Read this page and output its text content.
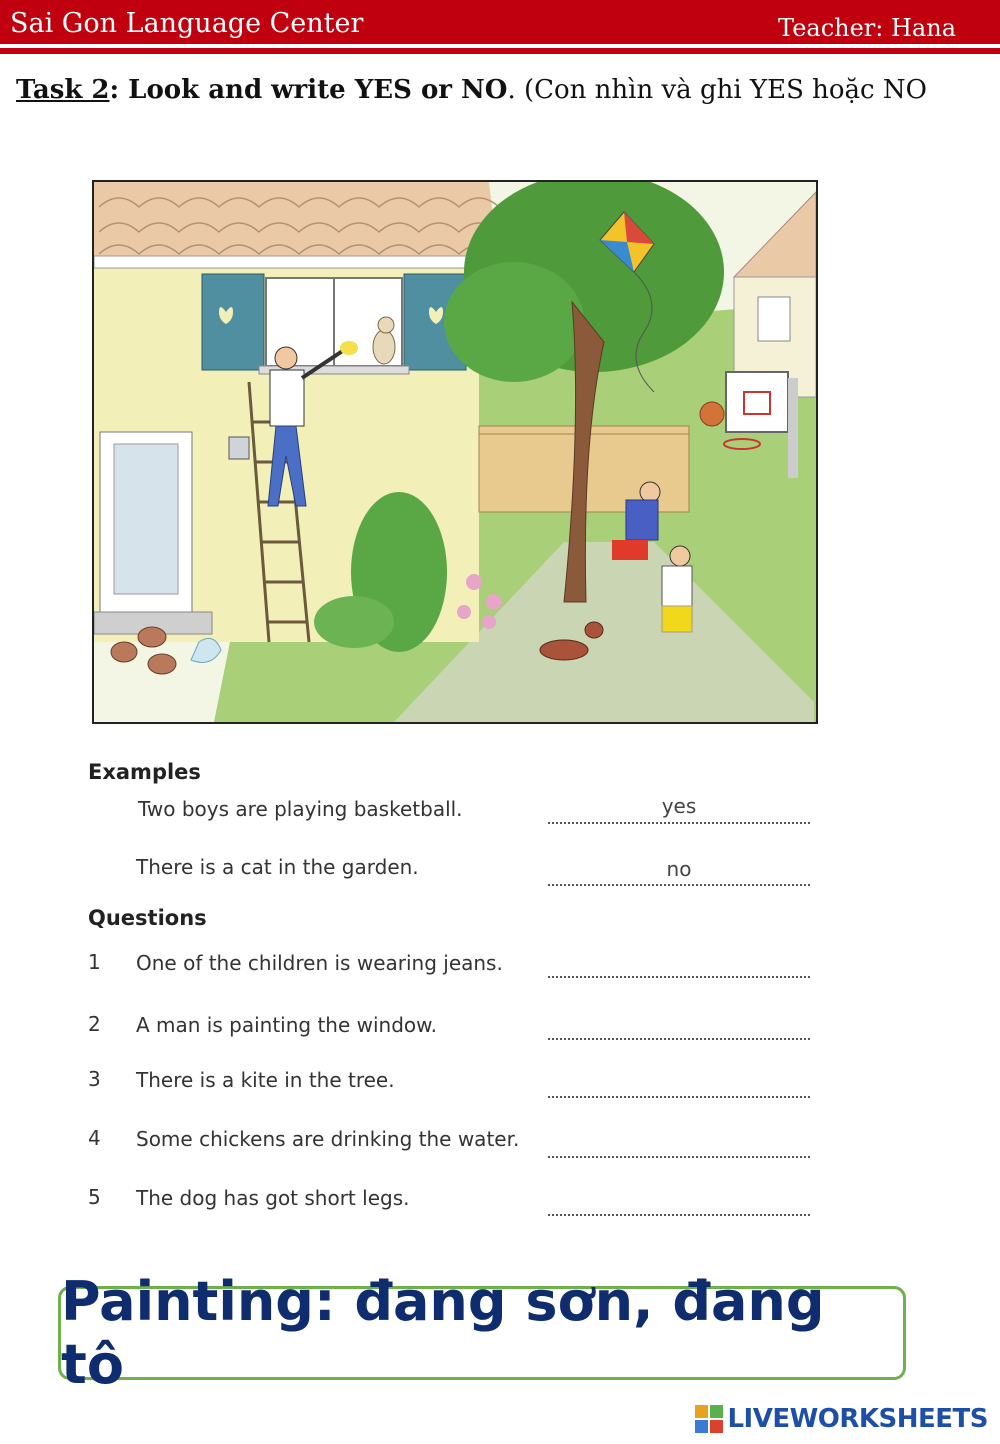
Sai Gon Language Center	Teacher: Hana
Task 2: Look and write YES or NO. (Con nhìn và ghi YES hoặc NO
Examples
Two boys are playing basketball.	yes
There is a cat in the garden.	no
Questions
1 One of the children is wearing jeans.
2 A man is painting the window.
3 There is a kite in the tree.
4 Some chickens are drinking the water.
5 The dog has got short legs.
Painting: đang sơn, đang tô
LIVEWORKSHEETS
